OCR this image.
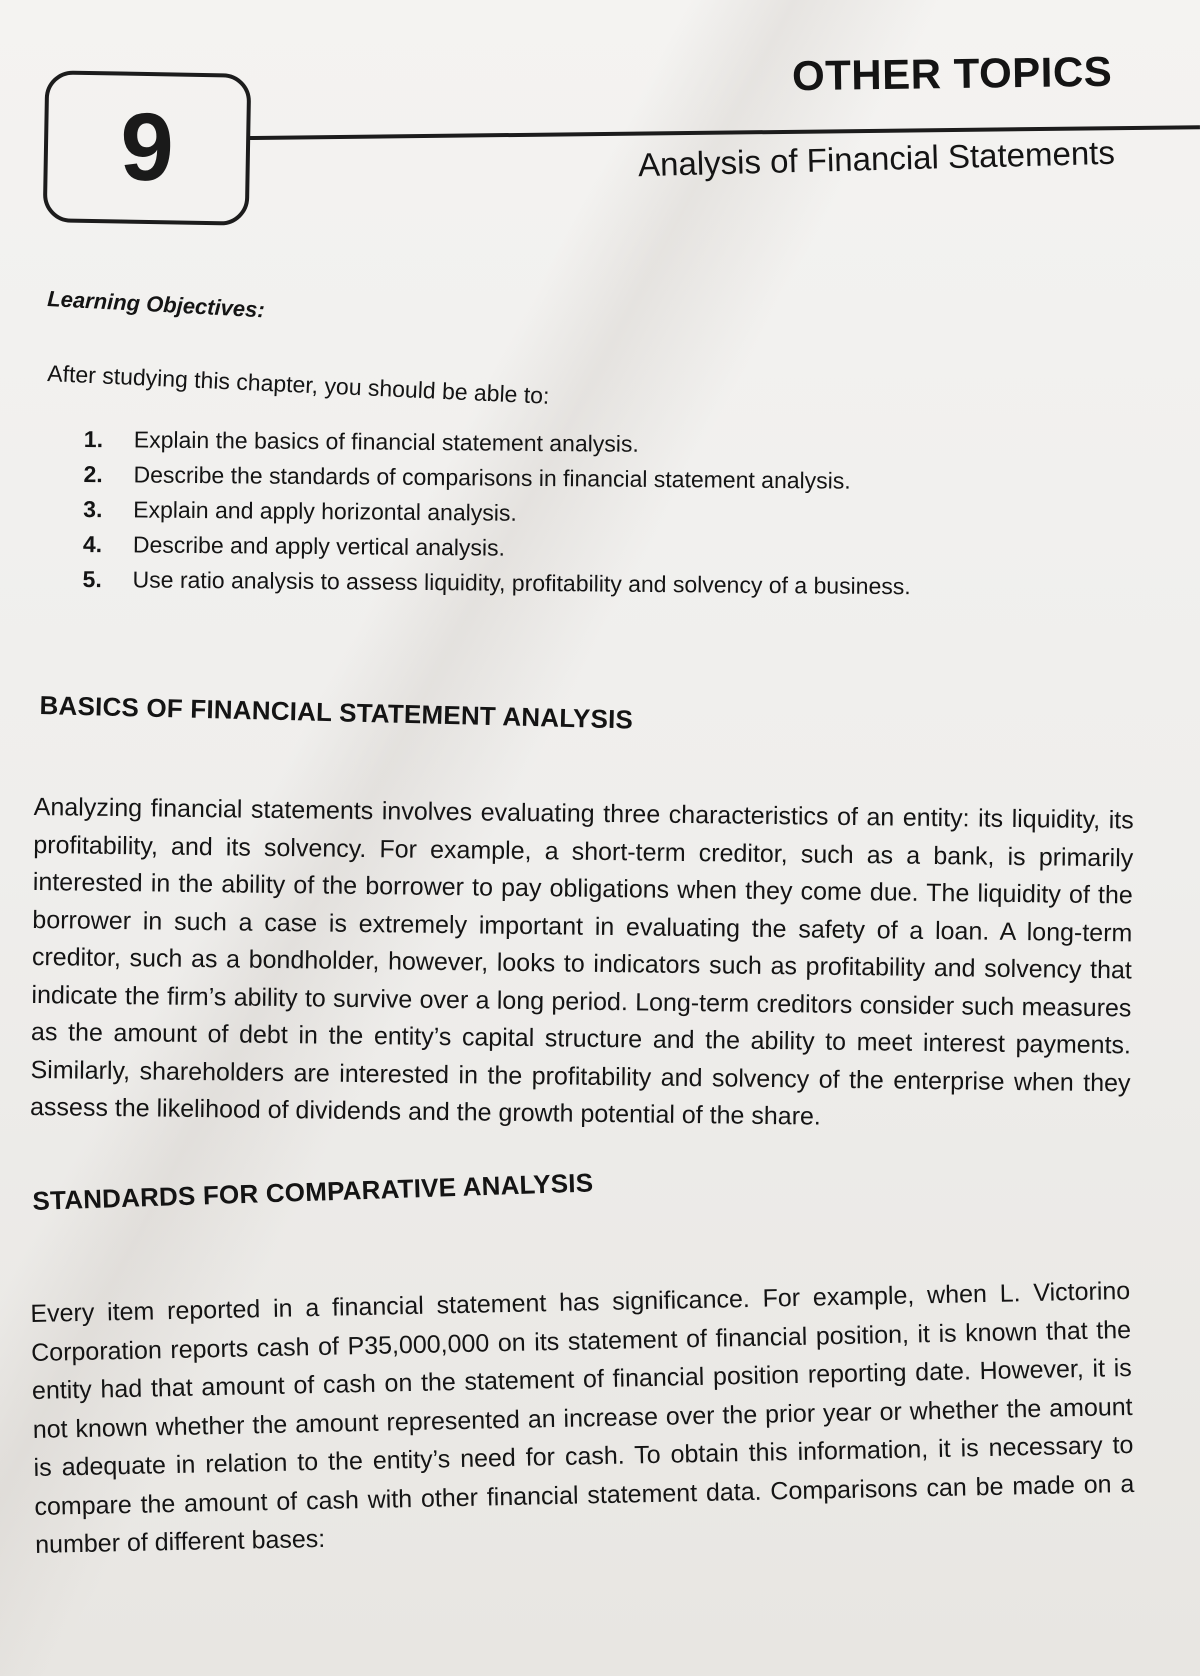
9
OTHER TOPICS
Analysis of Financial Statements
Learning Objectives:
After studying this chapter, you should be able to:
1. Explain the basics of financial statement analysis.
2. Describe the standards of comparisons in financial statement analysis.
3. Explain and apply horizontal analysis.
4. Describe and apply vertical analysis.
5. Use ratio analysis to assess liquidity, profitability and solvency of a business.
BASICS OF FINANCIAL STATEMENT ANALYSIS

Analyzing financial statements involves evaluating three characteristics of an entity: its liquidity, its profitability, and its solvency. For example, a short-term creditor, such as a bank, is primarily interested in the ability of the borrower to pay obligations when they come due. The liquidity of the borrower in such a case is extremely important in evaluating the safety of a loan. A long-term creditor, such as a bondholder, however, looks to indicators such as profitability and solvency that indicate the firm’s ability to survive over a long period. Long-term creditors consider such measures as the amount of debt in the entity’s capital structure and the ability to meet interest payments. Similarly, shareholders are interested in the profitability and solvency of the enterprise when they assess the likelihood of dividends and the growth potential of the share.

STANDARDS FOR COMPARATIVE ANALYSIS

Every item reported in a financial statement has significance. For example, when L. Victorino Corporation reports cash of P35,000,000 on its statement of financial position, it is known that the entity had that amount of cash on the statement of financial position reporting date. However, it is not known whether the amount represented an increase over the prior year or whether the amount is adequate in relation to the entity’s need for cash. To obtain this information, it is necessary to compare the amount of cash with other financial statement data. Comparisons can be made on a number of different bases:
